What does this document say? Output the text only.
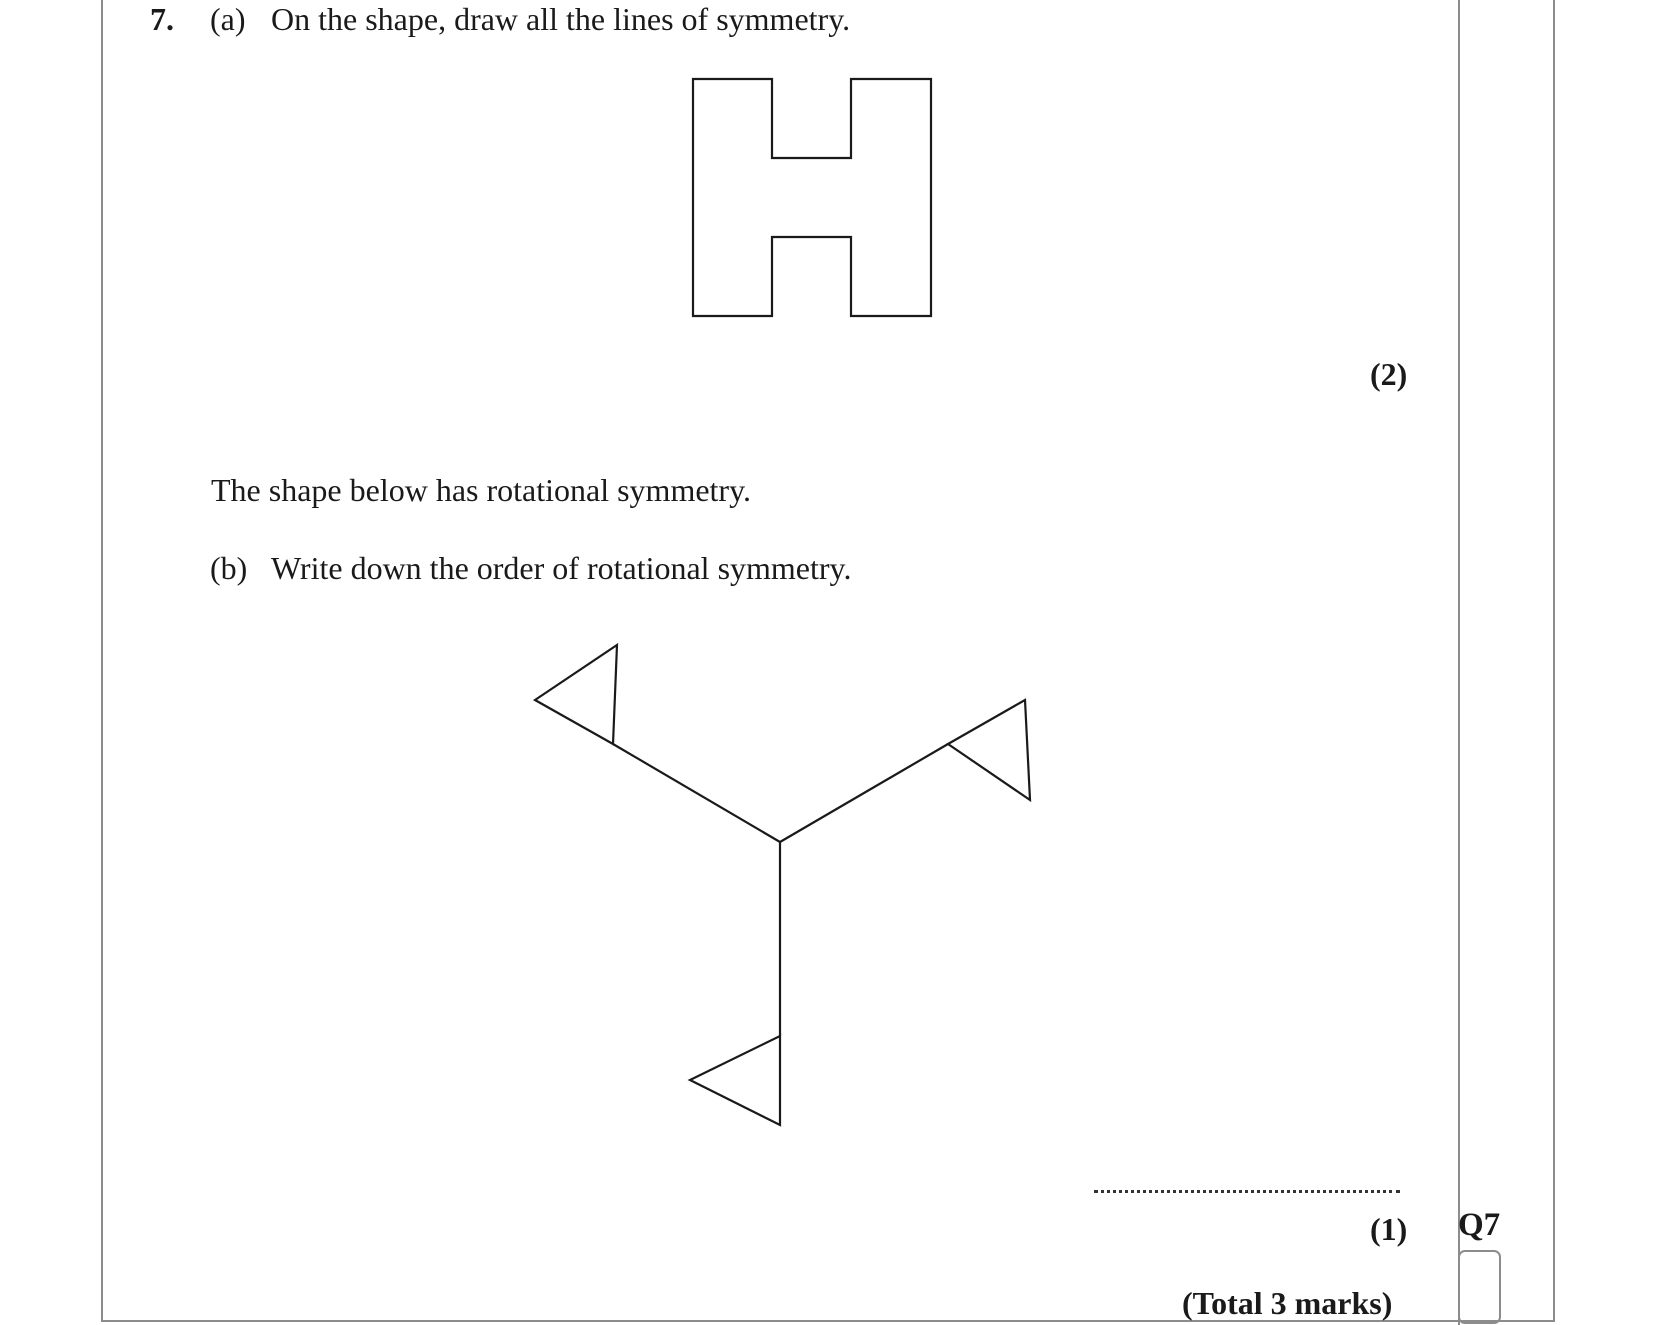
7. (a) On the shape, draw all the lines of symmetry.
(2)
The shape below has rotational symmetry.
(b) Write down the order of rotational symmetry.
(1) Q7
(Total 3 marks)
